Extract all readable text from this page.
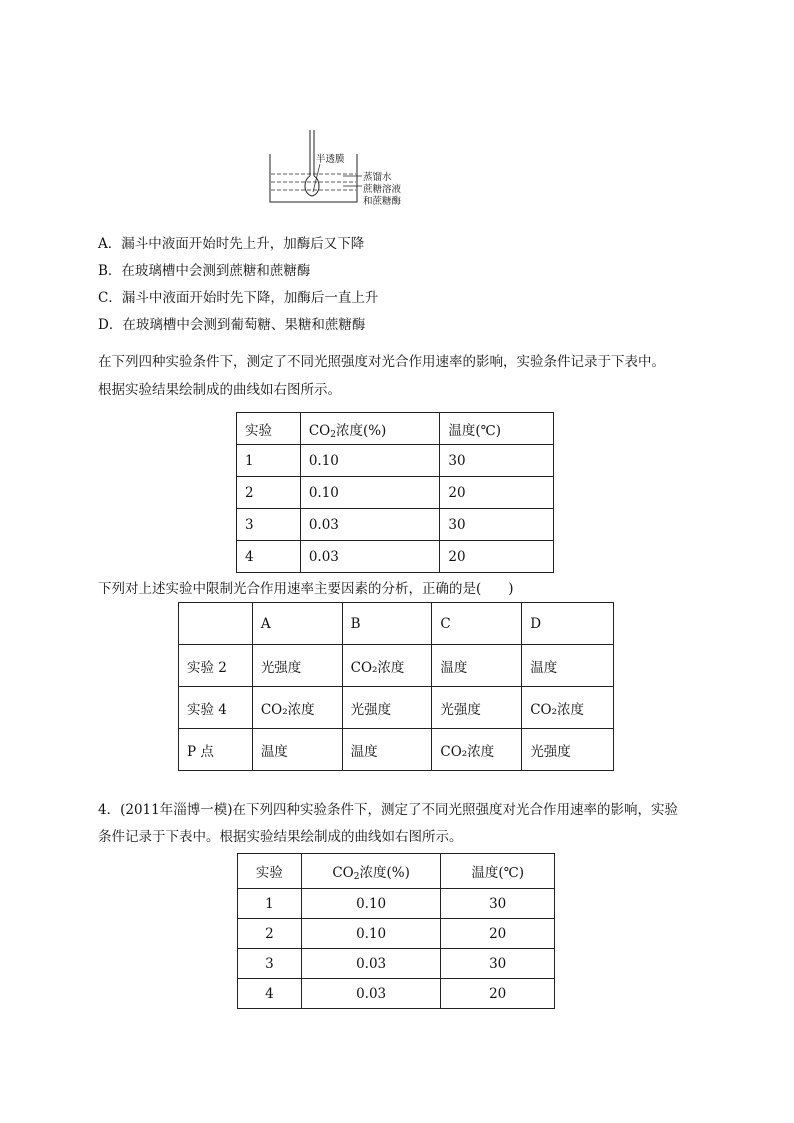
半透膜
蒸馏水
蔗糖溶液
和蔗糖酶
A．漏斗中液面开始时先上升，加酶后又下降
B．在玻璃槽中会测到蔗糖和蔗糖酶
C．漏斗中液面开始时先下降，加酶后一直上升
D．在玻璃槽中会测到葡萄糖、果糖和蔗糖酶
在下列四种实验条件下，测定了不同光照强度对光合作用速率的影响，实验条件记录于下表中。
根据实验结果绘制成的曲线如右图所示。
实验	$CO_2$浓度(%)	温度(℃)
1	0.10	30
2	0.10	20
3	0.03	30
4	0.03	20
下列对上述实验中限制光合作用速率主要因素的分析，正确的是(　　)
	A	B	C	D
实验 2	光强度	CO₂浓度	温度	温度
实验 4	CO₂浓度	光强度	光强度	CO₂浓度
P 点	温度	温度	CO₂浓度	光强度
4．(2011年淄博一模)在下列四种实验条件下，测定了不同光照强度对光合作用速率的影响，实验
条件记录于下表中。根据实验结果绘制成的曲线如右图所示。
实验	$CO_2$浓度(%)	温度(℃)
1	0.10	30
2	0.10	20
3	0.03	30
4	0.03	20
